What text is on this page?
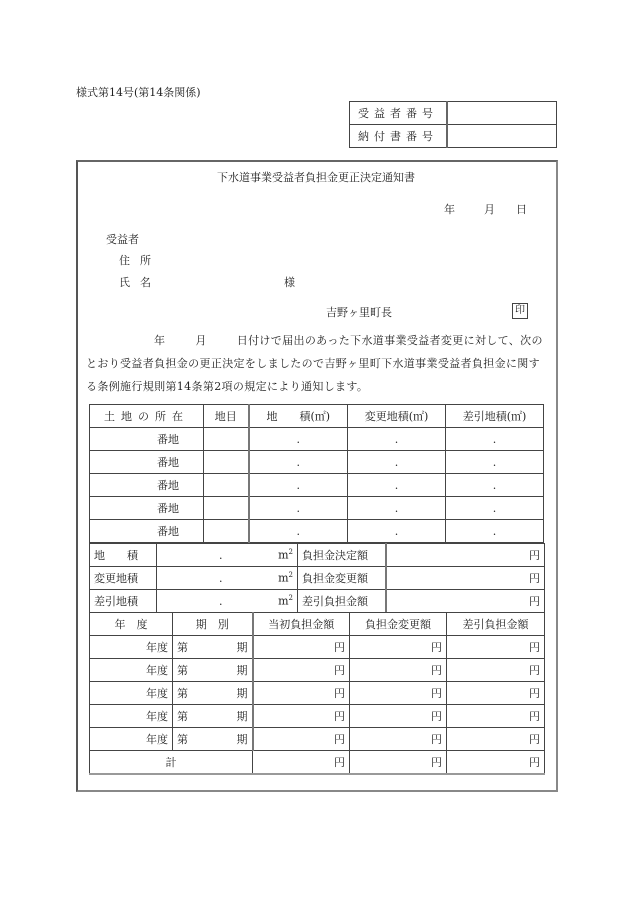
様式第14号(第14条関係)
受益者番号	
納付書番号	
下水道事業受益者負担金更正決定通知書
年	月 日
受益者
住所
氏名	様
吉野ヶ里町長	印
年	月	日付けで届出のあった下水道事業受益者変更に対して、次のとおり受益者負担金の更正決定をしましたので吉野ヶ里町下水道事業受益者負担金に関する条例施行規則第14条第2項の規定により通知します。
土地の所在	地目	地　　積(㎡)	変更地積(㎡)	差引地積(㎡)
番地		.	.	.
番地		.	.	.
番地		.	.	.
番地		.	.	.
番地		.	.	.
地　　積	.	$m^2$	負担金決定額	円
変更地積	.	$m^2$	負担金変更額	円
差引地積	.	$m^2$	差引負担金額	円
年　度	期　別	当初負担金額	負担金変更額	差引負担金額
年度	第 期	円	円	円
年度	第 期	円	円	円
年度	第 期	円	円	円
年度	第 期	円	円	円
年度	第 期	円	円	円
計		円	円	円
